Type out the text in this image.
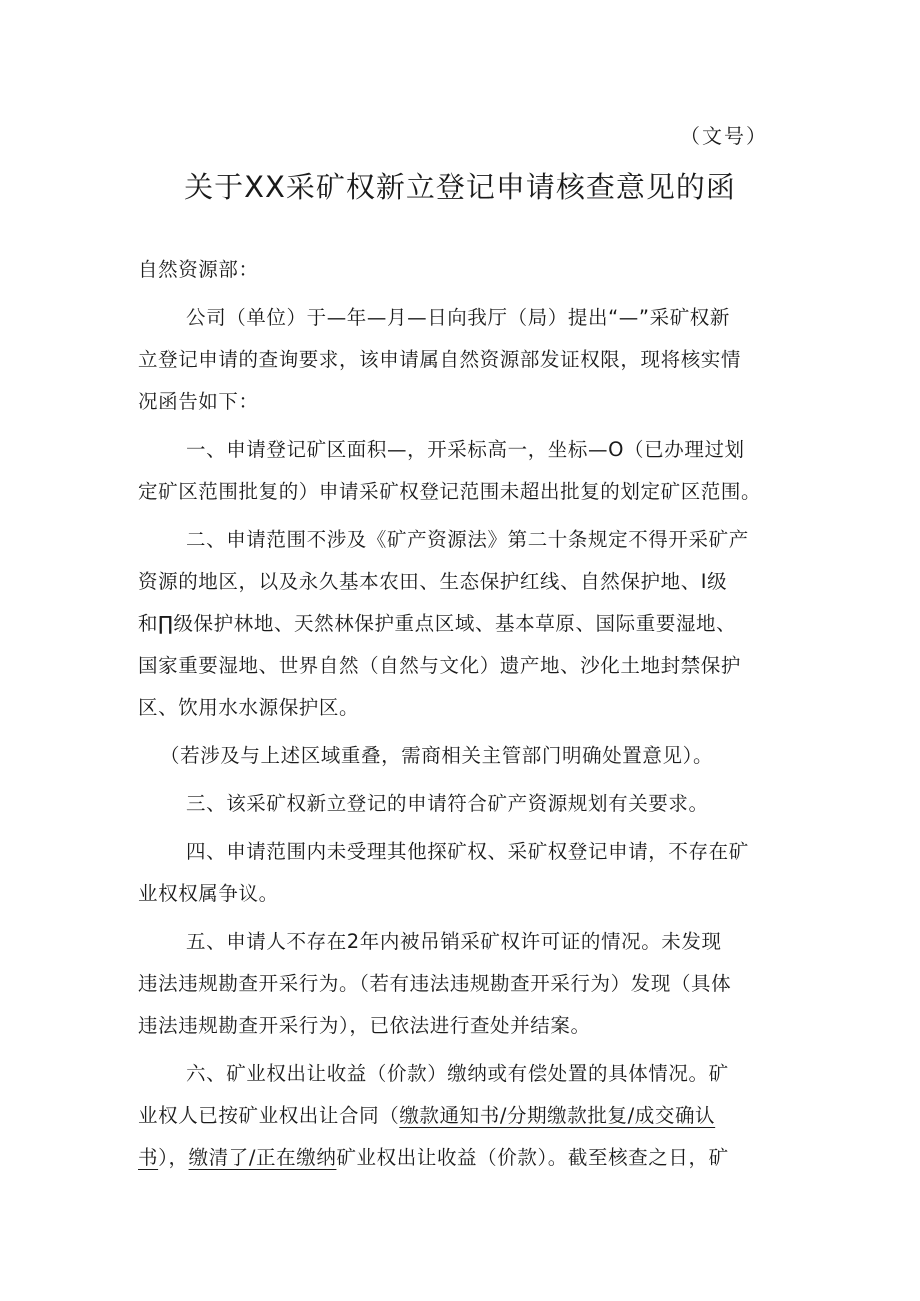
（文号）
关于XX采矿权新立登记申请核查意见的函
自然资源部：
公司（单位）于—年—月—日向我厅（局）提出“—”采矿权新
立登记申请的查询要求，该申请属自然资源部发证权限，现将核实情
况函告如下：
一、申请登记矿区面积—，开采标高一，坐标—O（已办理过划
定矿区范围批复的）申请采矿权登记范围未超出批复的划定矿区范围。
二、申请范围不涉及《矿产资源法》第二十条规定不得开采矿产
资源的地区，以及永久基本农田、生态保护红线、自然保护地、I级
和∏级保护林地、天然林保护重点区域、基本草原、国际重要湿地、
国家重要湿地、世界自然（自然与文化）遗产地、沙化土地封禁保护
区、饮用水水源保护区。
（若涉及与上述区域重叠，需商相关主管部门明确处置意见）。
三、该采矿权新立登记的申请符合矿产资源规划有关要求。
四、申请范围内未受理其他探矿权、采矿权登记申请，不存在矿
业权权属争议。
五、申请人不存在2年内被吊销采矿权许可证的情况。未发现
违法违规勘查开采行为。（若有违法违规勘查开采行为）发现（具体
违法违规勘查开采行为），已依法进行查处并结案。
六、矿业权出让收益（价款）缴纳或有偿处置的具体情况。矿
业权人已按矿业权出让合同（缴款通知书/分期缴款批复/成交确认
书），缴清了/正在缴纳矿业权出让收益（价款）。截至核查之日，矿
